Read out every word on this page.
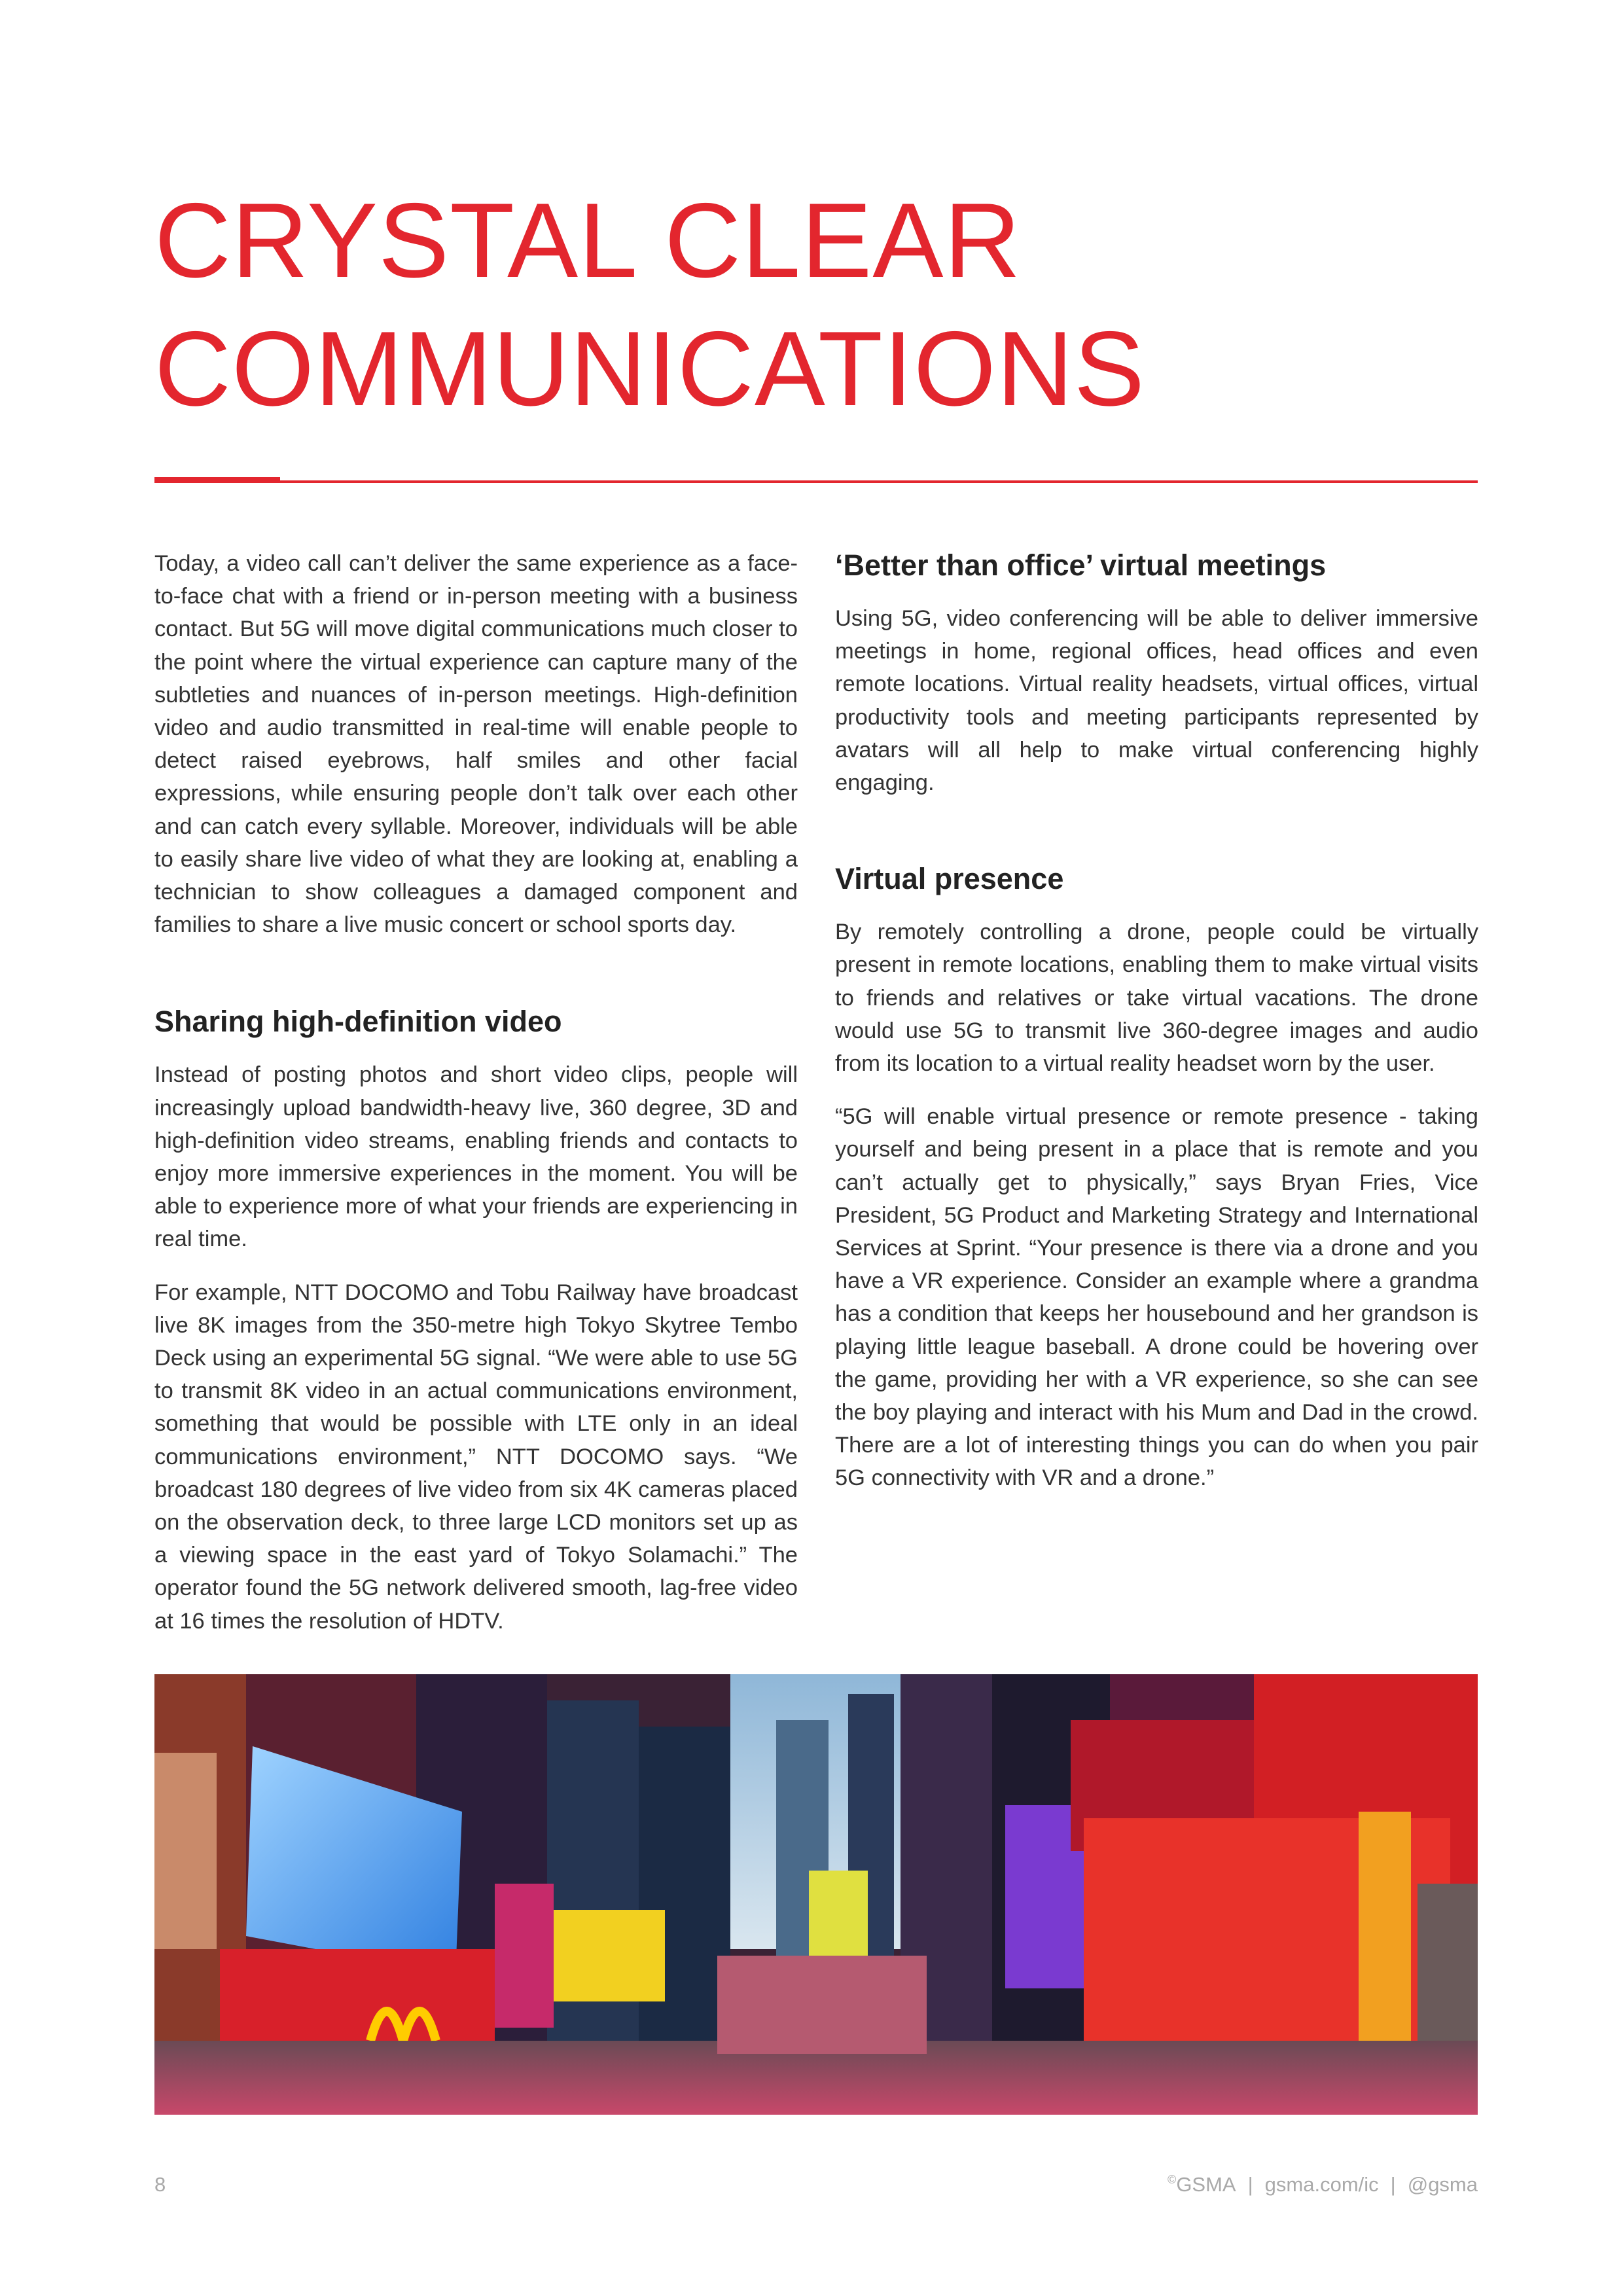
CRYSTAL CLEAR
COMMUNICATIONS

Today, a video call can’t deliver the same experience as a face-to-face chat with a friend or in-person meeting with a business contact. But 5G will move digital communications much closer to the point where the virtual experience can capture many of the subtleties and nuances of in-person meetings. High-definition video and audio transmitted in real-time will enable people to detect raised eyebrows, half smiles and other facial expressions, while ensuring people don’t talk over each other and can catch every syllable. Moreover, individuals will be able to easily share live video of what they are looking at, enabling a technician to show colleagues a damaged component and families to share a live music concert or school sports day.

Sharing high-definition video

Instead of posting photos and short video clips, people will increasingly upload bandwidth-heavy live, 360 degree, 3D and high-definition video streams, enabling friends and contacts to enjoy more immersive experiences in the moment. You will be able to experience more of what your friends are experiencing in real time.

For example, NTT DOCOMO and Tobu Railway have broadcast live 8K images from the 350-metre high Tokyo Skytree Tembo Deck using an experimental 5G signal. “We were able to use 5G to transmit 8K video in an actual communications environment, something that would be possible with LTE only in an ideal communications environment,” NTT DOCOMO says. “We broadcast 180 degrees of live video from six 4K cameras placed on the observation deck, to three large LCD monitors set up as a viewing space in the east yard of Tokyo Solamachi.” The operator found the 5G network delivered smooth, lag-free video at 16 times the resolution of HDTV.

‘Better than office’ virtual meetings

Using 5G, video conferencing will be able to deliver immersive meetings in home, regional offices, head offices and even remote locations. Virtual reality headsets, virtual offices, virtual productivity tools and meeting participants represented by avatars will all help to make virtual conferencing highly engaging.

Virtual presence

By remotely controlling a drone, people could be virtually present in remote locations, enabling them to make virtual visits to friends and relatives or take virtual vacations. The drone would use 5G to transmit live 360-degree images and audio from its location to a virtual reality headset worn by the user.

“5G will enable virtual presence or remote presence - taking yourself and being present in a place that is remote and you can’t actually get to physically,” says Bryan Fries, Vice President, 5G Product and Marketing Strategy and International Services at Sprint. “Your presence is there via a drone and you have a VR experience. Consider an example where a grandma has a condition that keeps her housebound and her grandson is playing little league baseball. A drone could be hovering over the game, providing her with a VR experience, so she can see the boy playing and interact with his Mum and Dad in the crowd. There are a lot of interesting things you can do when you pair 5G connectivity with VR and a drone.”

8	©GSMA | gsma.com/ic | @gsma
